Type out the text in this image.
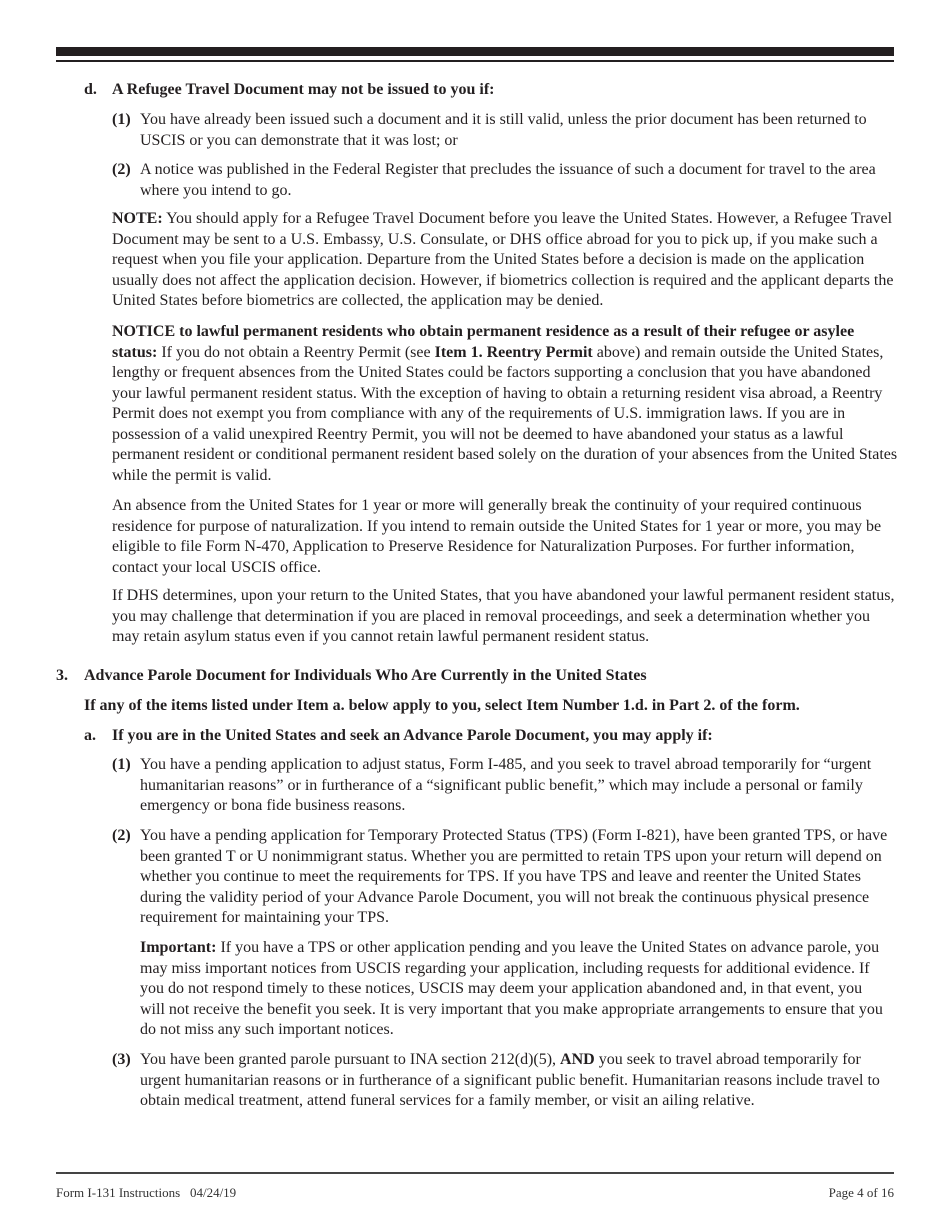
d. A Refugee Travel Document may not be issued to you if:
(1) You have already been issued such a document and it is still valid, unless the prior document has been returned to USCIS or you can demonstrate that it was lost; or
(2) A notice was published in the Federal Register that precludes the issuance of such a document for travel to the area where you intend to go.
NOTE: You should apply for a Refugee Travel Document before you leave the United States. However, a Refugee Travel Document may be sent to a U.S. Embassy, U.S. Consulate, or DHS office abroad for you to pick up, if you make such a request when you file your application. Departure from the United States before a decision is made on the application usually does not affect the application decision. However, if biometrics collection is required and the applicant departs the United States before biometrics are collected, the application may be denied.
NOTICE to lawful permanent residents who obtain permanent residence as a result of their refugee or asylee status: If you do not obtain a Reentry Permit (see Item 1. Reentry Permit above) and remain outside the United States, lengthy or frequent absences from the United States could be factors supporting a conclusion that you have abandoned your lawful permanent resident status. With the exception of having to obtain a returning resident visa abroad, a Reentry Permit does not exempt you from compliance with any of the requirements of U.S. immigration laws. If you are in possession of a valid unexpired Reentry Permit, you will not be deemed to have abandoned your status as a lawful permanent resident or conditional permanent resident based solely on the duration of your absences from the United States while the permit is valid.
An absence from the United States for 1 year or more will generally break the continuity of your required continuous residence for purpose of naturalization. If you intend to remain outside the United States for 1 year or more, you may be eligible to file Form N-470, Application to Preserve Residence for Naturalization Purposes. For further information, contact your local USCIS office.
If DHS determines, upon your return to the United States, that you have abandoned your lawful permanent resident status, you may challenge that determination if you are placed in removal proceedings, and seek a determination whether you may retain asylum status even if you cannot retain lawful permanent resident status.
3. Advance Parole Document for Individuals Who Are Currently in the United States
If any of the items listed under Item a. below apply to you, select Item Number 1.d. in Part 2. of the form.
a. If you are in the United States and seek an Advance Parole Document, you may apply if:
(1) You have a pending application to adjust status, Form I-485, and you seek to travel abroad temporarily for “urgent humanitarian reasons” or in furtherance of a “significant public benefit,” which may include a personal or family emergency or bona fide business reasons.
(2) You have a pending application for Temporary Protected Status (TPS) (Form I-821), have been granted TPS, or have been granted T or U nonimmigrant status. Whether you are permitted to retain TPS upon your return will depend on whether you continue to meet the requirements for TPS. If you have TPS and leave and reenter the United States during the validity period of your Advance Parole Document, you will not break the continuous physical presence requirement for maintaining your TPS.
Important: If you have a TPS or other application pending and you leave the United States on advance parole, you may miss important notices from USCIS regarding your application, including requests for additional evidence. If you do not respond timely to these notices, USCIS may deem your application abandoned and, in that event, you will not receive the benefit you seek. It is very important that you make appropriate arrangements to ensure that you do not miss any such important notices.
(3) You have been granted parole pursuant to INA section 212(d)(5), AND you seek to travel abroad temporarily for urgent humanitarian reasons or in furtherance of a significant public benefit. Humanitarian reasons include travel to obtain medical treatment, attend funeral services for a family member, or visit an ailing relative.
Form I-131 Instructions   04/24/19	Page 4 of 16
